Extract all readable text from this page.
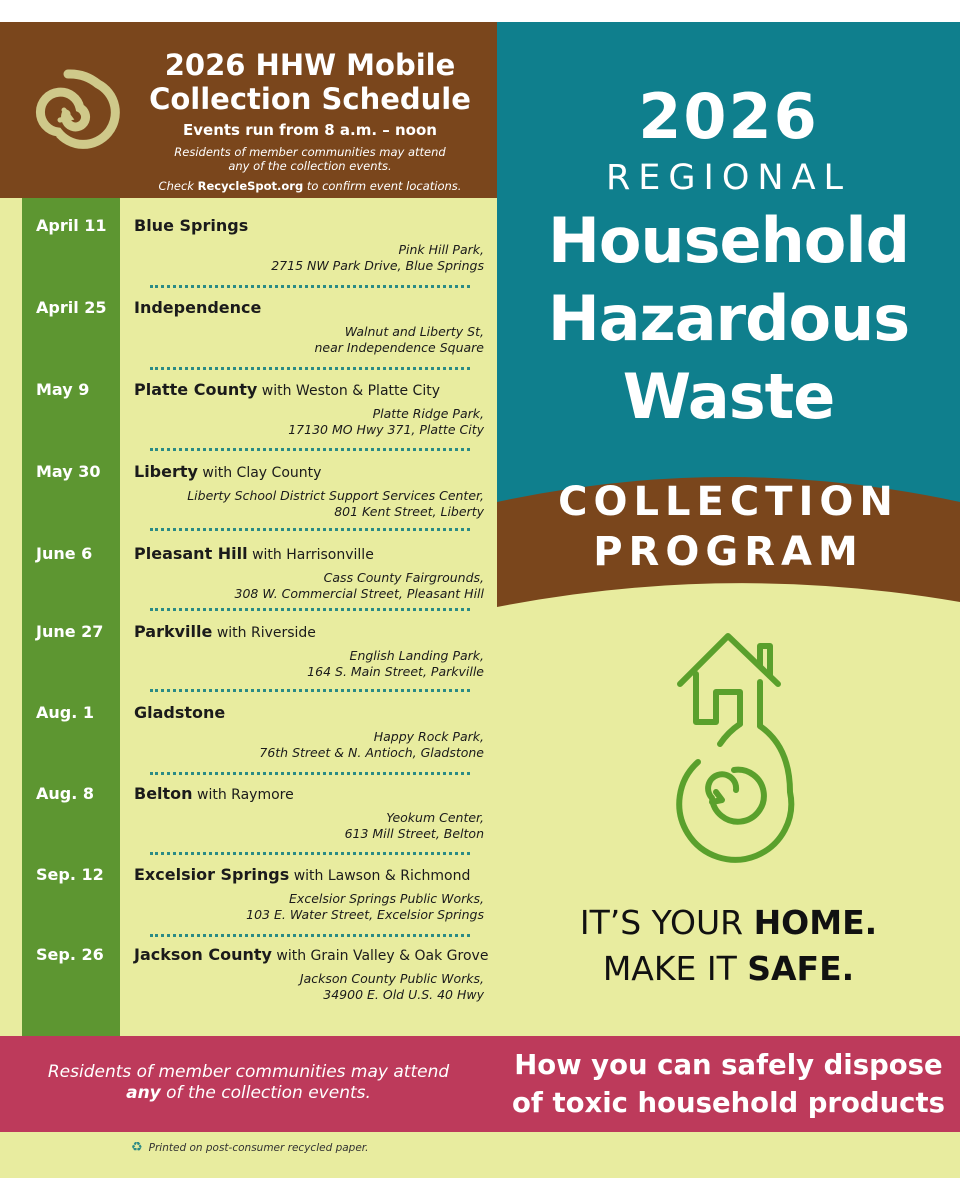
2026 HHW Mobile
Collection Schedule
Events run from 8 a.m. – noon
Residents of member communities may attend
any of the collection events.
Check RecycleSpot.org to confirm event locations.
April 11 Blue Springs
Pink Hill Park,
2715 NW Park Drive, Blue Springs
April 25 Independence
Walnut and Liberty St,
near Independence Square
May 9	Platte County with Weston & Platte City
Platte Ridge Park,
17130 MO Hwy 371, Platte City
May 30 Liberty with Clay County
Liberty School District Support Services Center,
801 Kent Street, Liberty
June 6	Pleasant Hill with Harrisonville
Cass County Fairgrounds,
308 W. Commercial Street, Pleasant Hill
June 27 Parkville with Riverside
English Landing Park,
164 S. Main Street, Parkville
Aug. 1 Gladstone
Happy Rock Park,
76th Street & N. Antioch, Gladstone
Aug. 8 Belton with Raymore
Yeokum Center,
613 Mill Street, Belton
Sep. 12 Excelsior Springs with Lawson & Richmond
Excelsior Springs Public Works,
103 E. Water Street, Excelsior Springs
Sep. 26 Jackson County with Grain Valley & Oak Grove
Jackson County Public Works,
34900 E. Old U.S. 40 Hwy
2026
REGIONAL
Household
Hazardous
Waste
COLLECTION
PROGRAM
IT’S YOUR HOME.
MAKE IT SAFE.
Residents of member communities may attend
any of the collection events.
How you can safely dispose
of toxic household products
♻ Printed on post-consumer recycled paper.
